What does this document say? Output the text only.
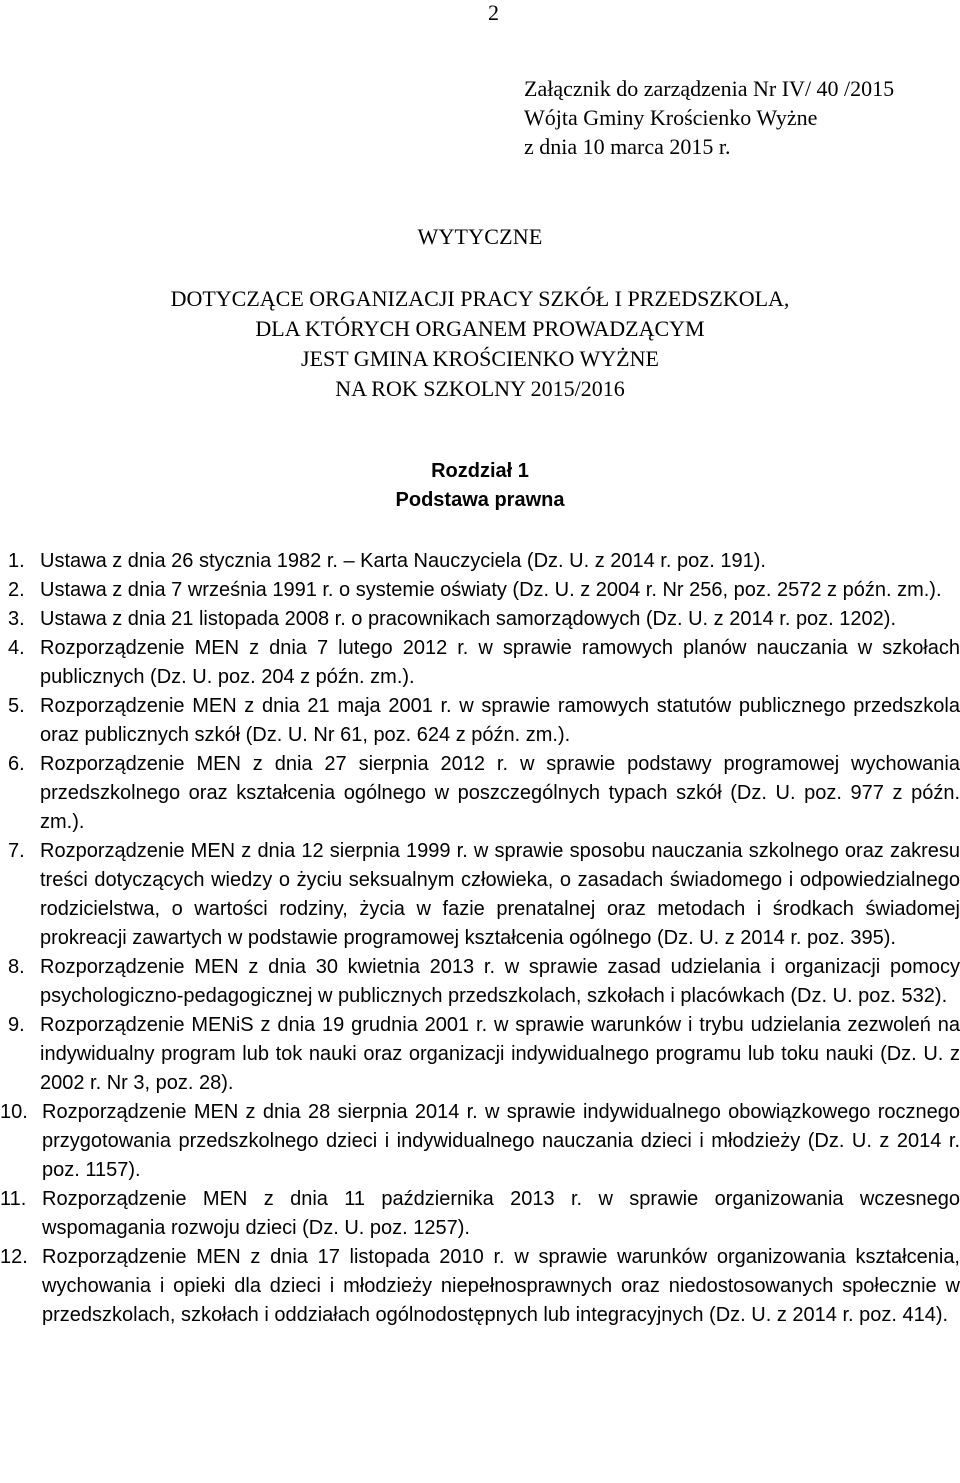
2
Załącznik do zarządzenia Nr IV/ 40 /2015
Wójta Gminy Krościenko Wyżne
z dnia 10 marca 2015 r.
WYTYCZNE
DOTYCZĄCE ORGANIZACJI PRACY SZKÓŁ I PRZEDSZKOLA,
DLA KTÓRYCH ORGANEM PROWADZĄCYM
JEST GMINA KROŚCIENKO WYŻNE
NA ROK SZKOLNY 2015/2016
Rozdział 1
Podstawa prawna
1. Ustawa z dnia 26 stycznia 1982 r. – Karta Nauczyciela (Dz. U. z 2014 r. poz. 191).
2. Ustawa z dnia 7 września 1991 r. o systemie oświaty (Dz. U. z 2004 r. Nr 256, poz. 2572 z późn. zm.).
3. Ustawa z dnia 21 listopada 2008 r. o pracownikach samorządowych (Dz. U. z 2014 r. poz. 1202).
4. Rozporządzenie MEN z dnia 7 lutego 2012 r. w sprawie ramowych planów nauczania w szkołach publicznych (Dz. U. poz. 204 z późn. zm.).
5. Rozporządzenie MEN z dnia 21 maja 2001 r. w sprawie ramowych statutów publicznego przedszkola oraz publicznych szkół (Dz. U. Nr 61, poz. 624 z późn. zm.).
6. Rozporządzenie MEN z dnia 27 sierpnia 2012 r. w sprawie podstawy programowej wychowania przedszkolnego oraz kształcenia ogólnego w poszczególnych typach szkół (Dz. U. poz. 977 z późn. zm.).
7. Rozporządzenie MEN z dnia 12 sierpnia 1999 r. w sprawie sposobu nauczania szkolnego oraz zakresu treści dotyczących wiedzy o życiu seksualnym człowieka, o zasadach świadomego i odpowiedzialnego rodzicielstwa, o wartości rodziny, życia w fazie prenatalnej oraz metodach i środkach świadomej prokreacji zawartych w podstawie programowej kształcenia ogólnego (Dz. U. z 2014 r. poz. 395).
8. Rozporządzenie MEN z dnia 30 kwietnia 2013 r. w sprawie zasad udzielania i organizacji pomocy psychologiczno-pedagogicznej w publicznych przedszkolach, szkołach i placówkach (Dz. U. poz. 532).
9. Rozporządzenie MENiS z dnia 19 grudnia 2001 r. w sprawie warunków i trybu udzielania zezwoleń na indywidualny program lub tok nauki oraz organizacji indywidualnego programu lub toku nauki (Dz. U. z 2002 r. Nr 3, poz. 28).
10. Rozporządzenie MEN z dnia 28 sierpnia 2014 r. w sprawie indywidualnego obowiązkowego rocznego przygotowania przedszkolnego dzieci i indywidualnego nauczania dzieci i młodzieży (Dz. U. z 2014 r. poz. 1157).
11. Rozporządzenie MEN z dnia 11 października 2013 r. w sprawie organizowania wczesnego wspomagania rozwoju dzieci (Dz. U. poz. 1257).
12. Rozporządzenie MEN z dnia 17 listopada 2010 r. w sprawie warunków organizowania kształcenia, wychowania i opieki dla dzieci i młodzieży niepełnosprawnych oraz niedostosowanych społecznie w przedszkolach, szkołach i oddziałach ogólnodostępnych lub integracyjnych (Dz. U. z 2014 r. poz. 414).
